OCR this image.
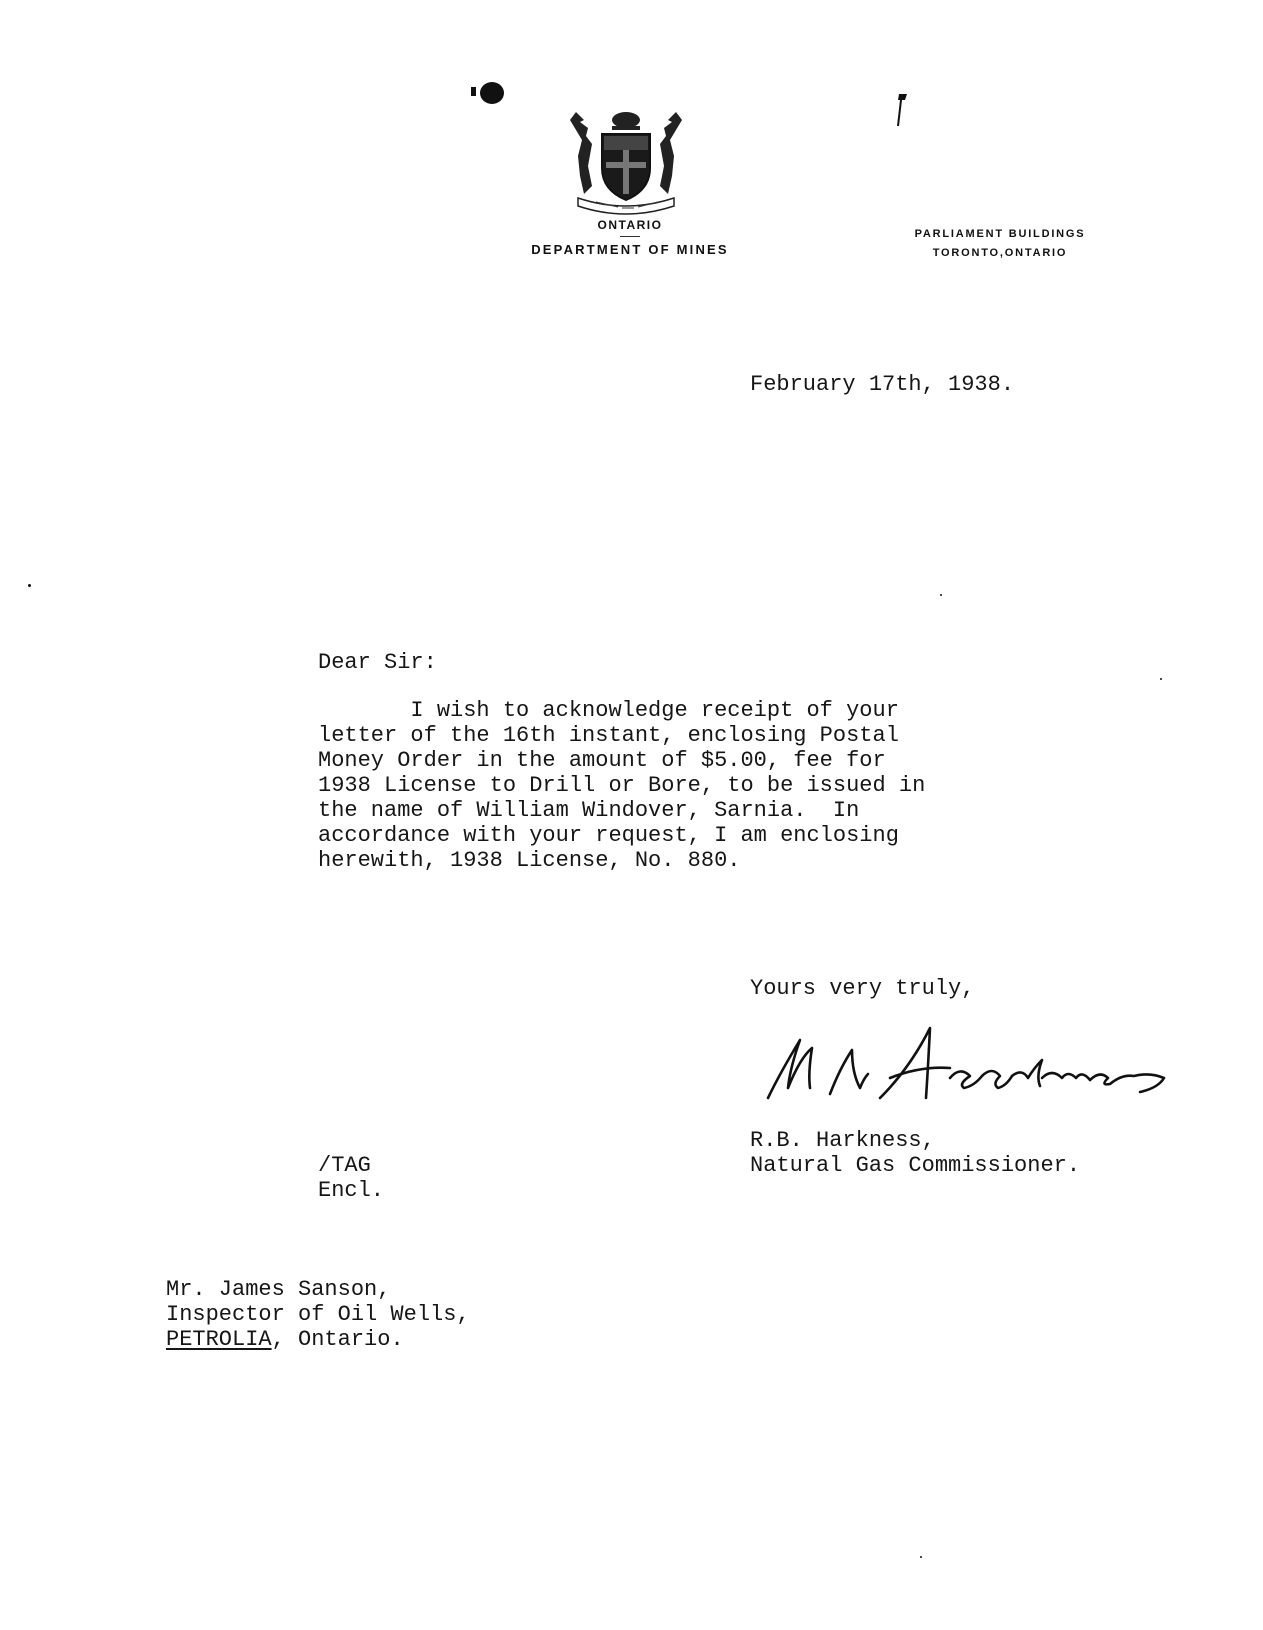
ONTARIO
DEPARTMENT OF MINES
PARLIAMENT BUILDINGS
TORONTO,ONTARIO
February 17th, 1938.
Dear Sir:
I wish to acknowledge receipt of your
letter of the 16th instant, enclosing Postal
Money Order in the amount of $5.00, fee for
1938 License to Drill or Bore, to be issued in
the name of William Windover, Sarnia.  In
accordance with your request, I am enclosing
herewith, 1938 License, No. 880.
Yours very truly,
R.B. Harkness,
Natural Gas Commissioner.
/TAG
Encl.
Mr. James Sanson,
Inspector of Oil Wells,
PETROLIA, Ontario.
